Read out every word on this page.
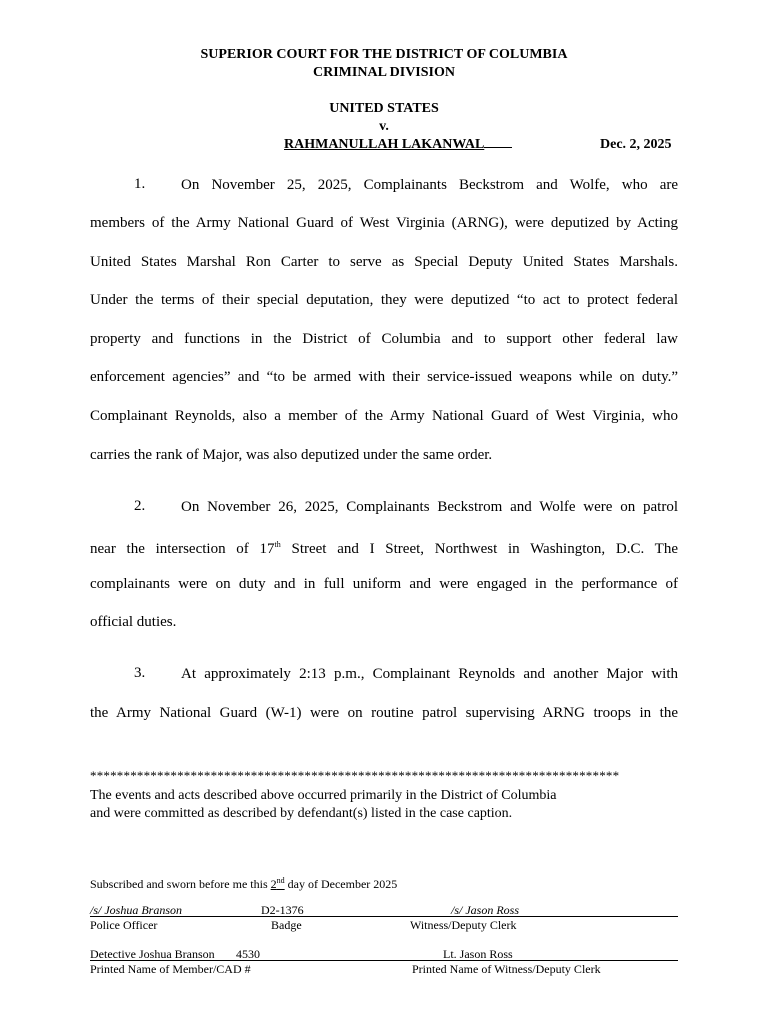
SUPERIOR COURT FOR THE DISTRICT OF COLUMBIA
CRIMINAL DIVISION
UNITED STATES
v.
RAHMANULLAH LAKANWAL	Dec. 2, 2025
1. On November 25, 2025, Complainants Beckstrom and Wolfe, who are
members of the Army National Guard of West Virginia (ARNG), were deputized by Acting
United States Marshal Ron Carter to serve as Special Deputy United States Marshals.
Under the terms of their special deputation, they were deputized “to act to protect federal
property and functions in the District of Columbia and to support other federal law
enforcement agencies” and “to be armed with their service-issued weapons while on duty.”
Complainant Reynolds, also a member of the Army National Guard of West Virginia, who
carries the rank of Major, was also deputized under the same order.
2. On November 26, 2025, Complainants Beckstrom and Wolfe were on patrol
near the intersection of 17th Street and I Street, Northwest in Washington, D.C. The
complainants were on duty and in full uniform and were engaged in the performance of
official duties.
3. At approximately 2:13 p.m., Complainant Reynolds and another Major with
the Army National Guard (W-1) were on routine patrol supervising ARNG troops in the
*******************************************************************************
The events and acts described above occurred primarily in the District of Columbia
and were committed as described by defendant(s) listed in the case caption.
Subscribed and sworn before me this 2nd day of December 2025
/s/ Joshua Branson	D2-1376	/s/ Jason Ross
Police Officer	Badge	Witness/Deputy Clerk
Detective Joshua Branson 4530	Lt. Jason Ross
Printed Name of Member/CAD #	Printed Name of Witness/Deputy Clerk
